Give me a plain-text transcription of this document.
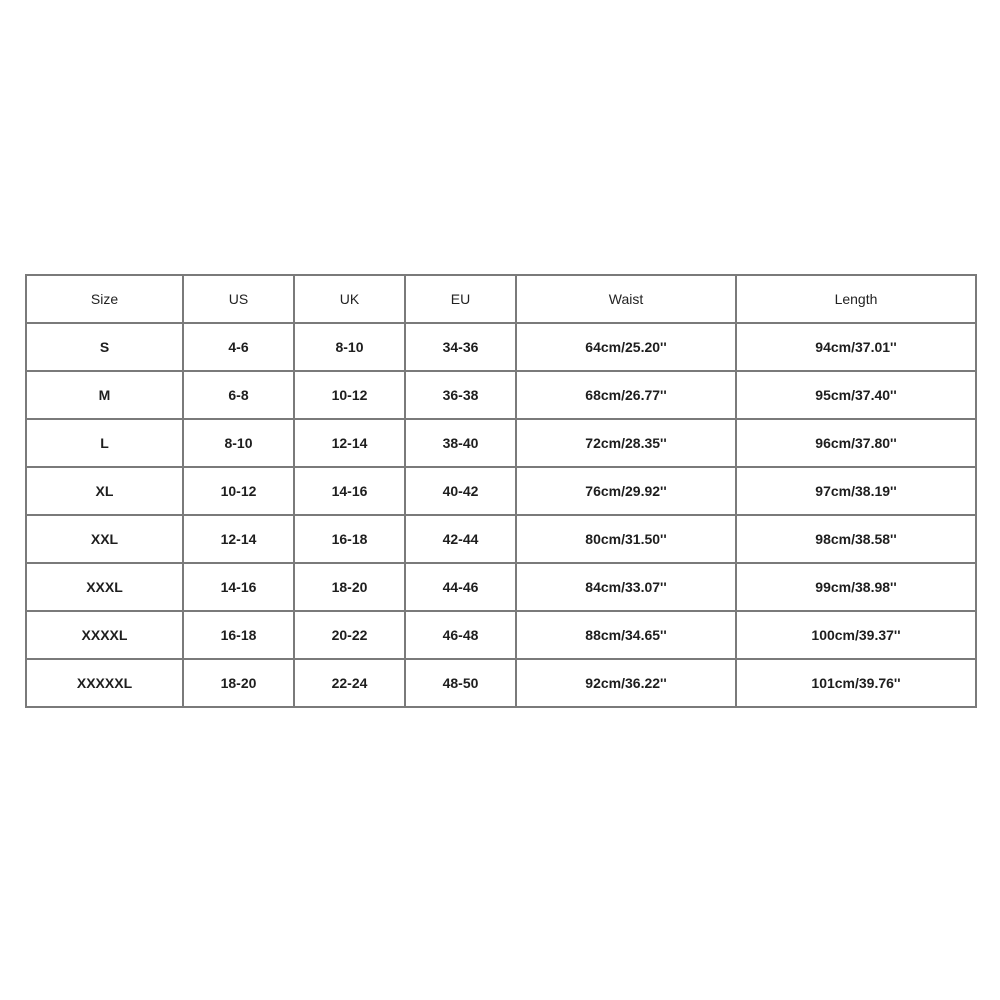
Size	US	UK	EU	Waist	Length
S	4-6	8-10	34-36	64cm/25.20''	94cm/37.01''
M	6-8	10-12	36-38	68cm/26.77''	95cm/37.40''
L	8-10	12-14	38-40	72cm/28.35''	96cm/37.80''
XL	10-12	14-16	40-42	76cm/29.92''	97cm/38.19''
XXL	12-14	16-18	42-44	80cm/31.50''	98cm/38.58''
XXXL	14-16	18-20	44-46	84cm/33.07''	99cm/38.98''
XXXXL	16-18	20-22	46-48	88cm/34.65''	100cm/39.37''
XXXXXL	18-20	22-24	48-50	92cm/36.22''	101cm/39.76''
